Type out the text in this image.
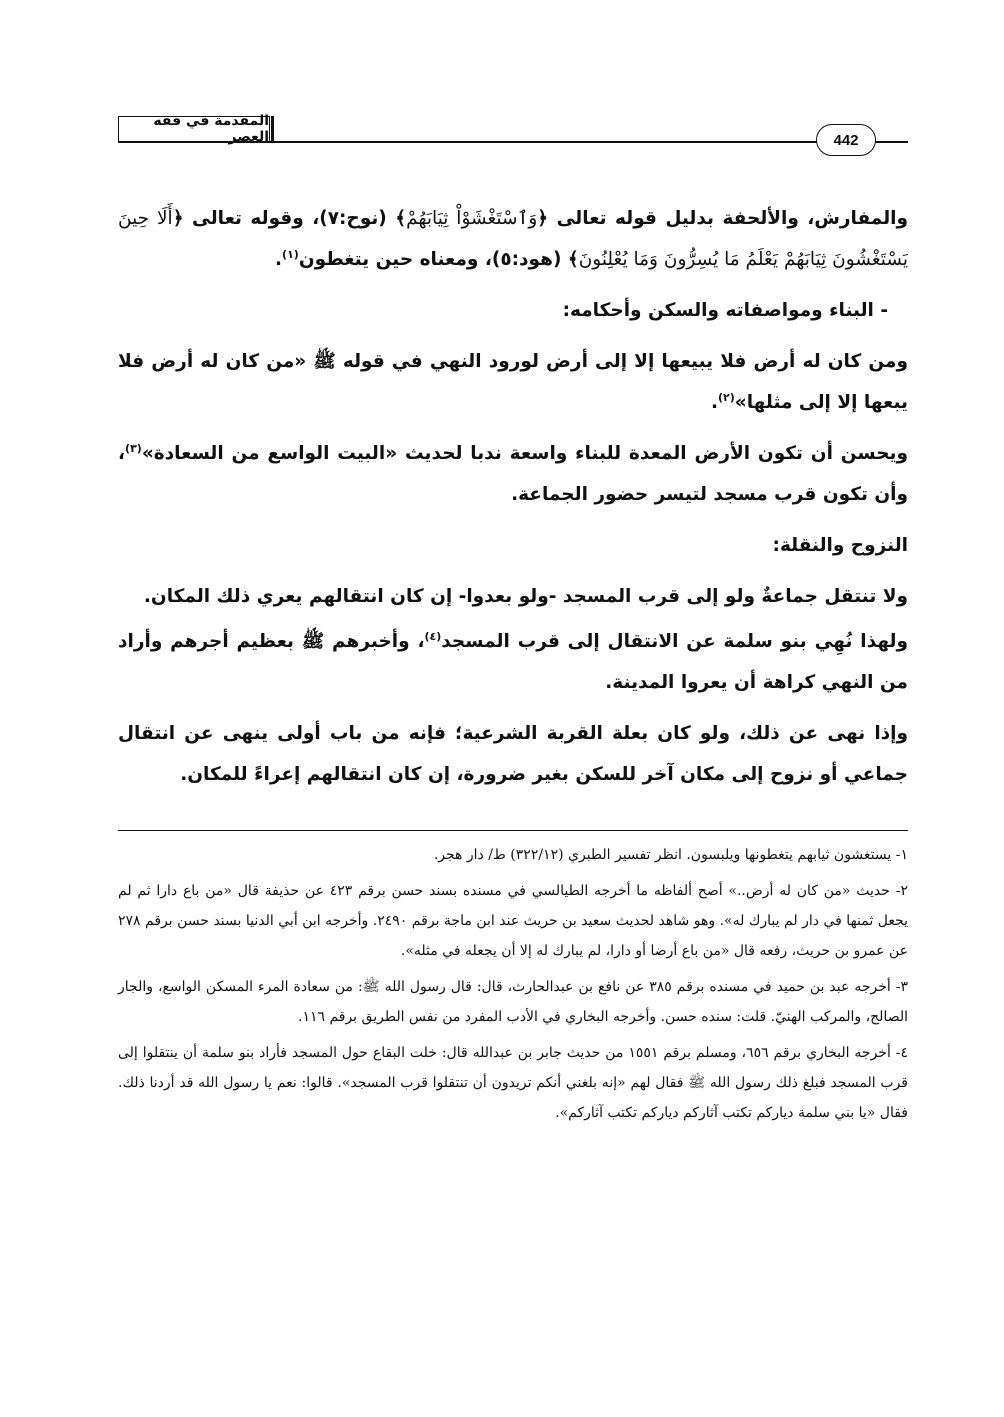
المقدمة في فقه العصر	442

والمفارش، والألحفة بدليل قوله تعالى ﴿وَٱسْتَغْشَوْاْ ثِيَابَهُمْ﴾ (نوح:٧)، وقوله تعالى ﴿أَلَا حِينَ يَسْتَغْشُونَ ثِيَابَهُمْ يَعْلَمُ مَا يُسِرُّونَ وَمَا يُعْلِنُونَ﴾ (هود:٥)، ومعناه حين يتغطون$^{(١)}$.

- البناء ومواصفاته والسكن وأحكامه:

ومن كان له أرض فلا يبيعها إلا إلى أرض لورود النهي في قوله ﷺ «من كان له أرض فلا يبعها إلا إلى مثلها»$^{(٢)}$.

ويحسن أن تكون الأرض المعدة للبناء واسعة ندبا لحديث «البيت الواسع من السعادة»$^{(٣)}$، وأن تكون قرب مسجد لتيسر حضور الجماعة.

النزوح والنقلة:

ولا تنتقل جماعةٌ ولو إلى قرب المسجد -ولو بعدوا- إن كان انتقالهم يعري ذلك المكان.

ولهذا نُهِي بنو سلمة عن الانتقال إلى قرب المسجد$^{(٤)}$، وأخبرهم ﷺ بعظيم أجرهم وأراد من النهي كراهة أن يعروا المدينة.

وإذا نهى عن ذلك، ولو كان بعلة القربة الشرعية؛ فإنه من باب أولى ينهى عن انتقال جماعي أو نزوح إلى مكان آخر للسكن بغير ضرورة، إن كان انتقالهم إعراءً للمكان.

١- يستغشون ثيابهم يتغطونها ويلبسون. انظر تفسير الطبري (٣٢٢/١٢) ط/ دار هجر.

٢- حديث «من كان له أرض..» أصح ألفاظه ما أخرجه الطيالسي في مسنده بسند حسن برقم ٤٢٣ عن حذيفة قال «من باع دارا ثم لم يجعل ثمنها في دار لم يبارك له». وهو شاهد لحديث سعيد بن حريث عند ابن ماجة برقم ٢٤٩٠. وأخرجه ابن أبي الدنيا بسند حسن برقم ٢٧٨ عن عمرو بن حريث، رفعه قال «من باع أرضا أو دارا، لم يبارك له إلا أن يجعله في مثله».

٣- أخرجه عبد بن حميد في مسنده برقم ٣٨٥ عن نافع بن عبدالحارث، قال: قال رسول الله ﷺ: من سعادة المرء المسكن الواسع، والجار الصالح، والمركب الهنيّ. قلت: سنده حسن. وأخرجه البخاري في الأدب المفرد من نفس الطريق برقم ١١٦.

٤- أخرجه البخاري برقم ٦٥٦، ومسلم برقم ١٥٥١ من حديث جابر بن عبدالله قال: خلت البقاع حول المسجد فأراد بنو سلمة أن ينتقلوا إلى قرب المسجد فبلغ ذلك رسول الله ﷺ فقال لهم «إنه بلغني أنكم تريدون أن تنتقلوا قرب المسجد». قالوا: نعم يا رسول الله قد أردنا ذلك. فقال «يا بني سلمة دياركم تكتب آثاركم دياركم تكتب آثاركم».
